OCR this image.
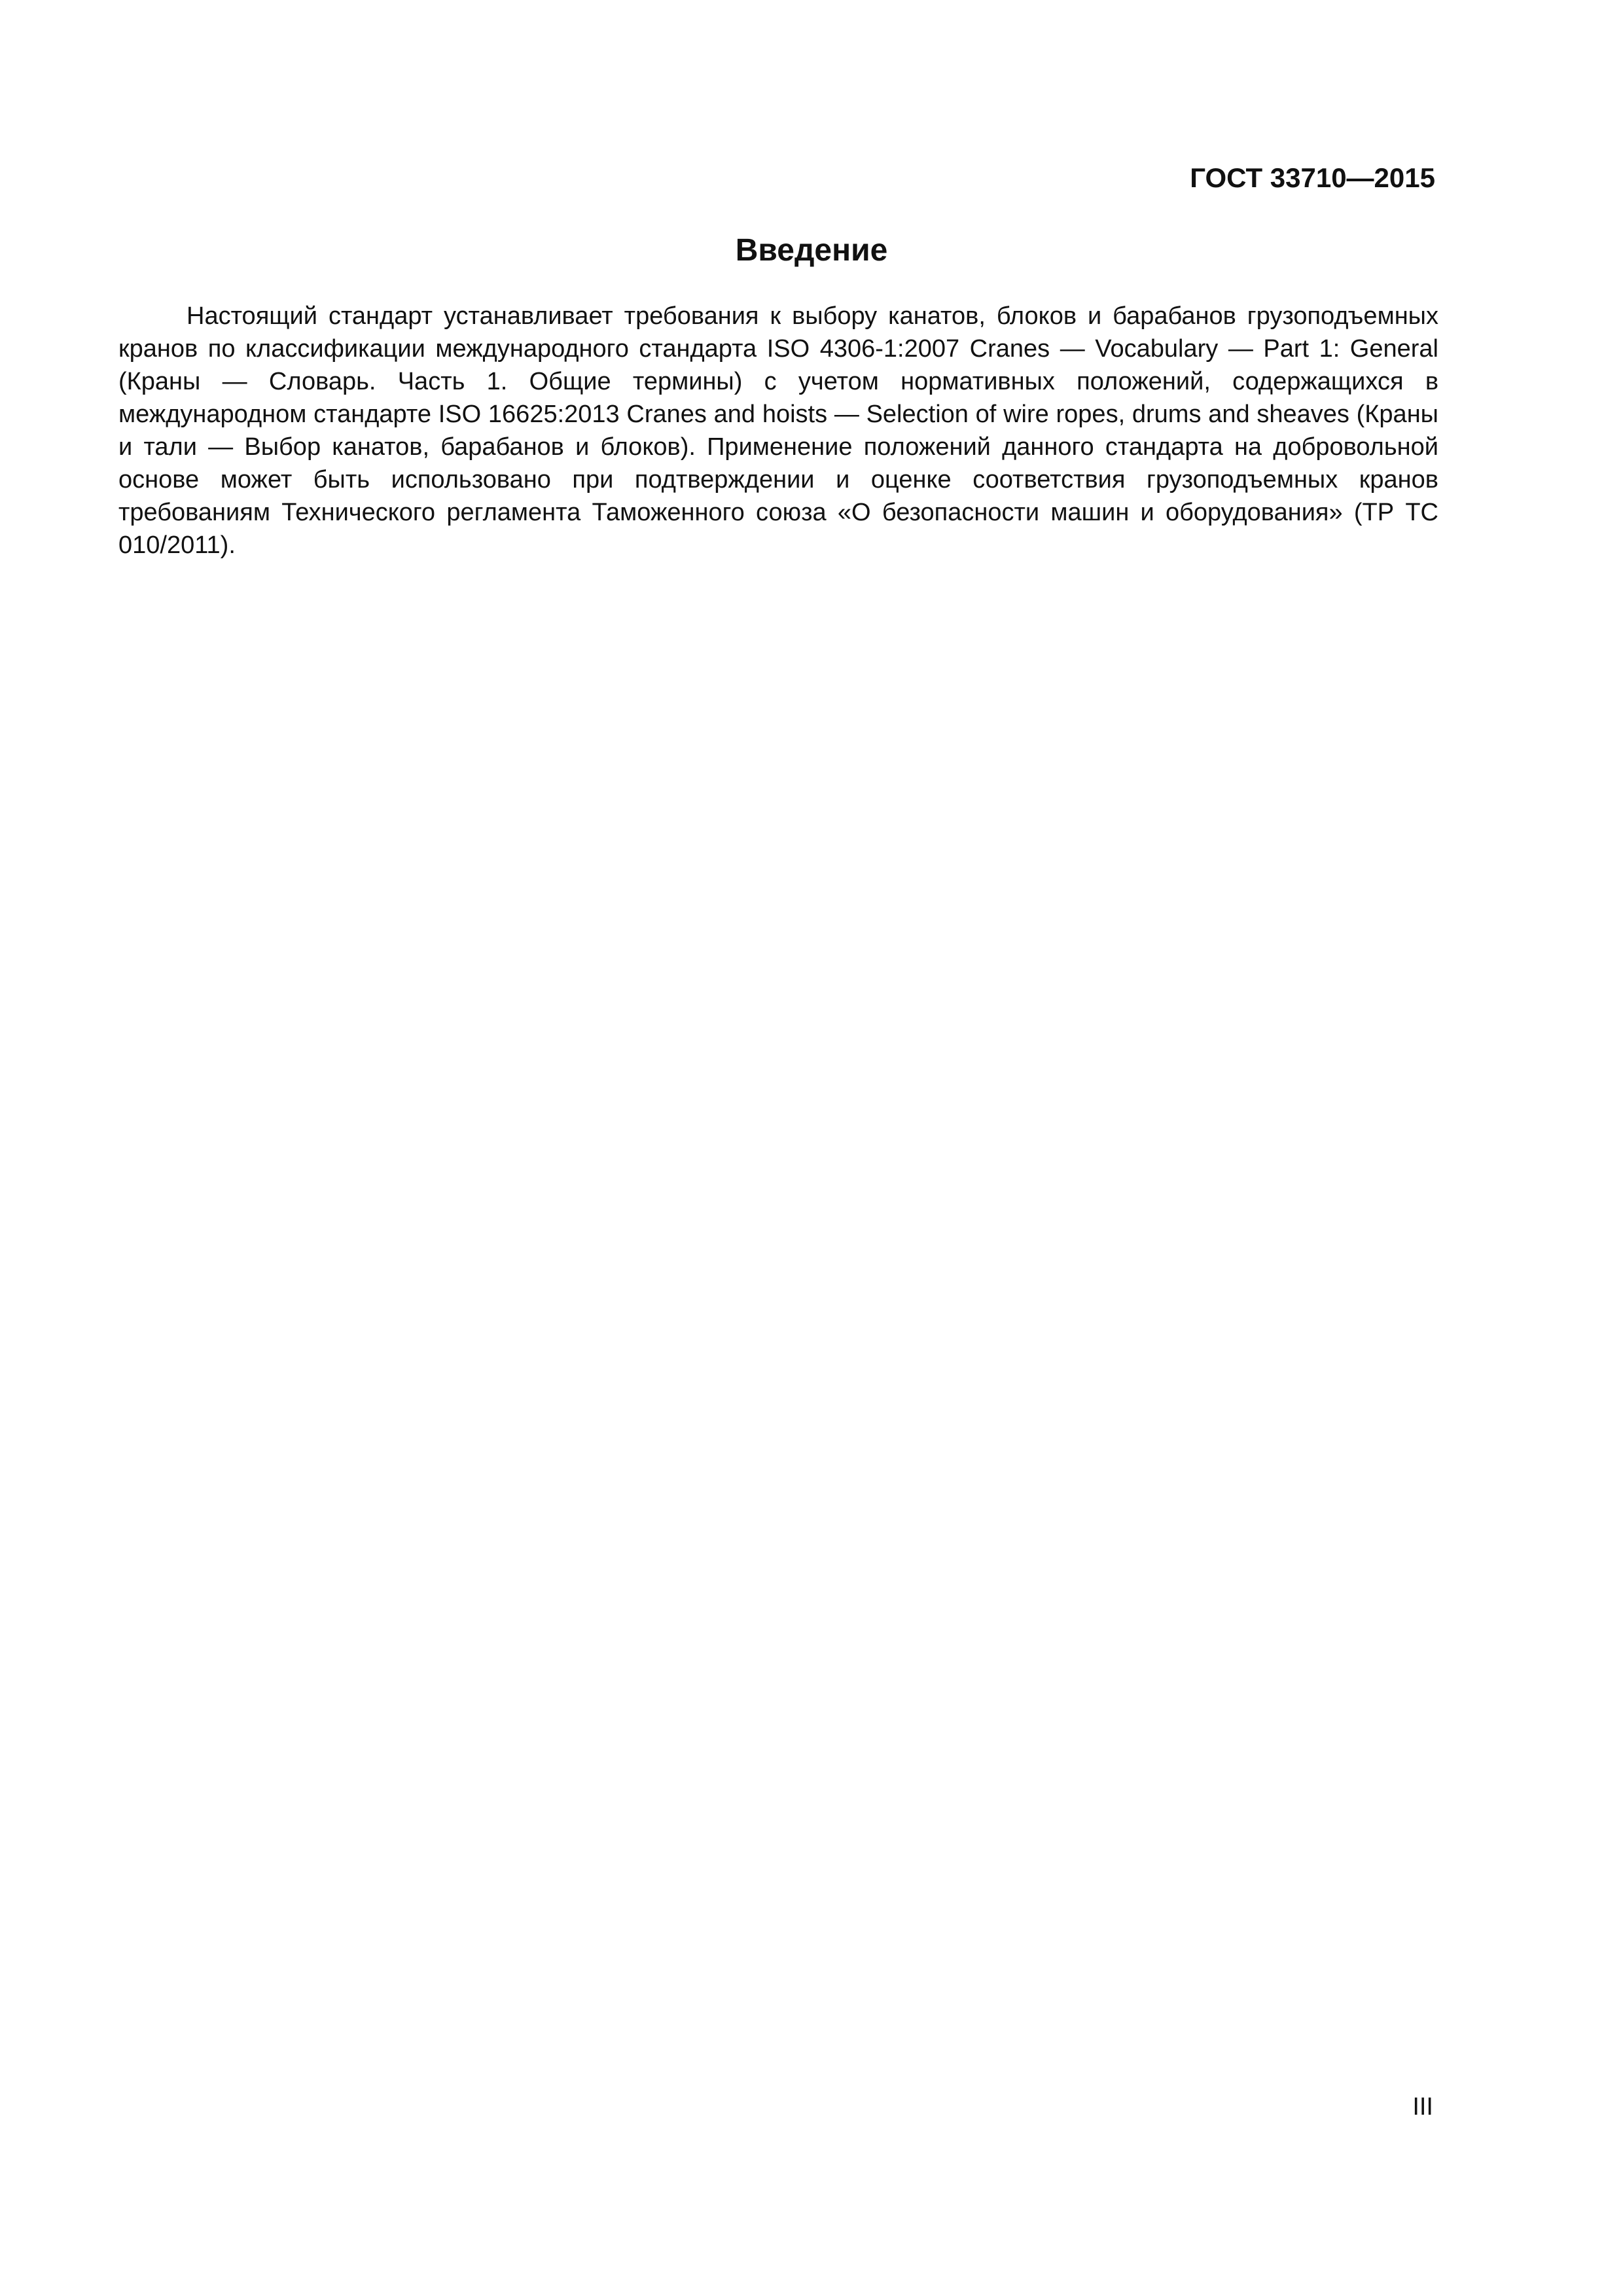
ГОСТ 33710—2015
Введение

Настоящий стандарт устанавливает требования к выбору канатов, блоков и барабанов грузоподъемных кранов по классификации международного стандарта ISO 4306-1:2007 Cranes — Vocabulary — Part 1: General (Краны — Словарь. Часть 1. Общие термины) с учетом нормативных положений, содержащихся в международном стандарте ISO 16625:2013 Cranes and hoists — Selection of wire ropes, drums and sheaves (Краны и тали — Выбор канатов, барабанов и блоков). Применение положений данного стандарта на добровольной основе может быть использовано при подтверждении и оценке соответствия грузоподъемных кранов требованиям Технического регламента Таможенного союза «О безопасности машин и оборудования» (ТР ТС 010/2011).

III
